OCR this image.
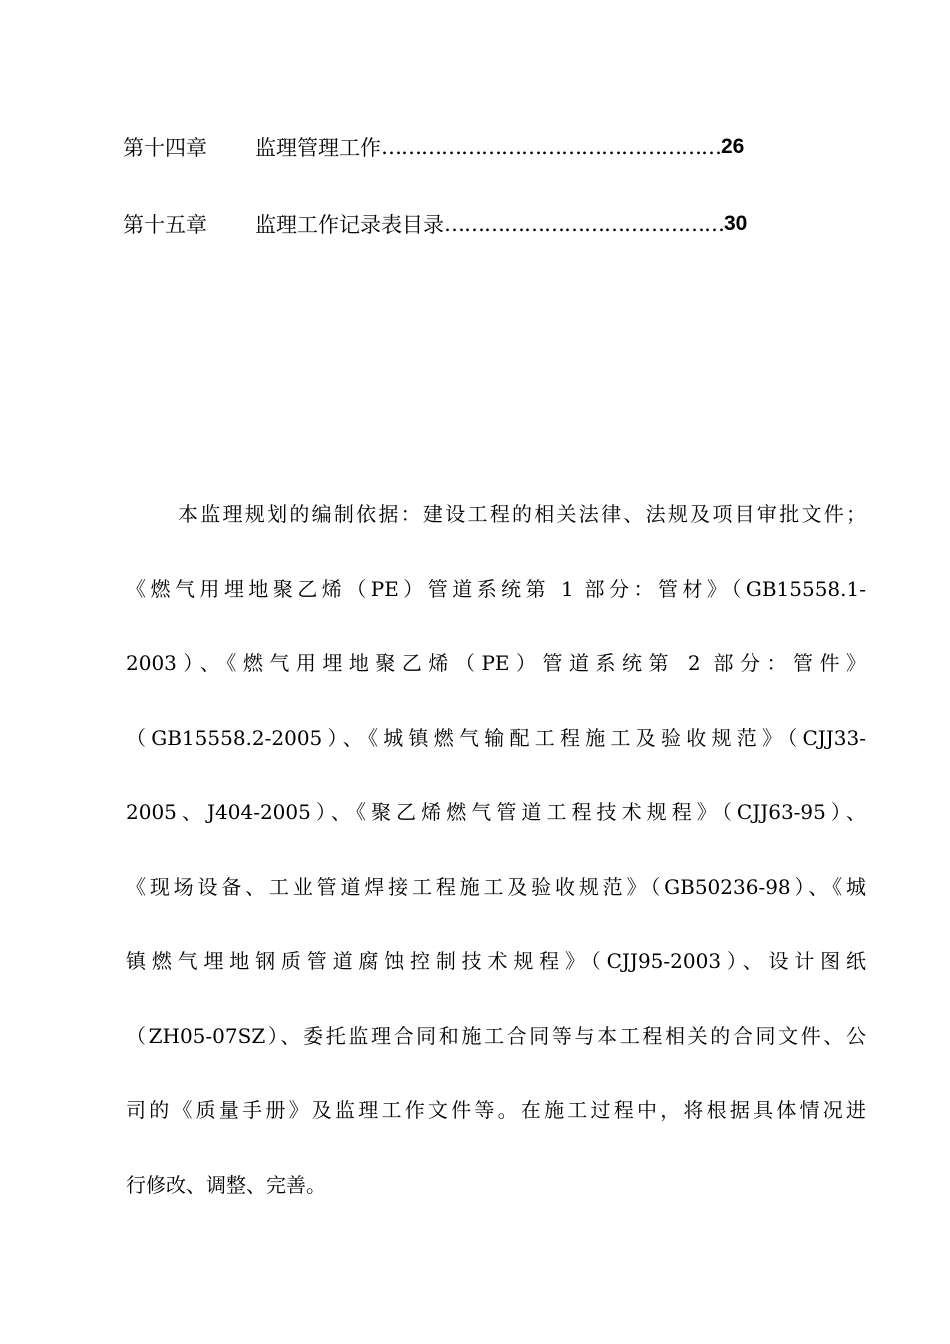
第十四章	监理管理工作 …………………………………………… 26
第十五章	监理工作记录表目录 …………………………………… 30
本监理规划的编制依据：建设工程的相关法律、法规及项目审批文件；
《燃气用埋地聚乙烯（PE）管道系统第 1 部分：管材》（GB15558.1-
2003）、《燃气用埋地聚乙烯（PE）管道系统第 2 部分：管件》
（GB15558.2-2005）、《城镇燃气输配工程施工及验收规范》（CJJ33-
2005、J404-2005）、《聚乙烯燃气管道工程技术规程》（CJJ63-95）、
《现场设备、工业管道焊接工程施工及验收规范》（GB50236-98）、《城
镇燃气埋地钢质管道腐蚀控制技术规程》（CJJ95-2003）、设计图纸
（ZH05-07SZ）、委托监理合同和施工合同等与本工程相关的合同文件、公
司的《质量手册》及监理工作文件等。在施工过程中，将根据具体情况进
行修改、调整、完善。
